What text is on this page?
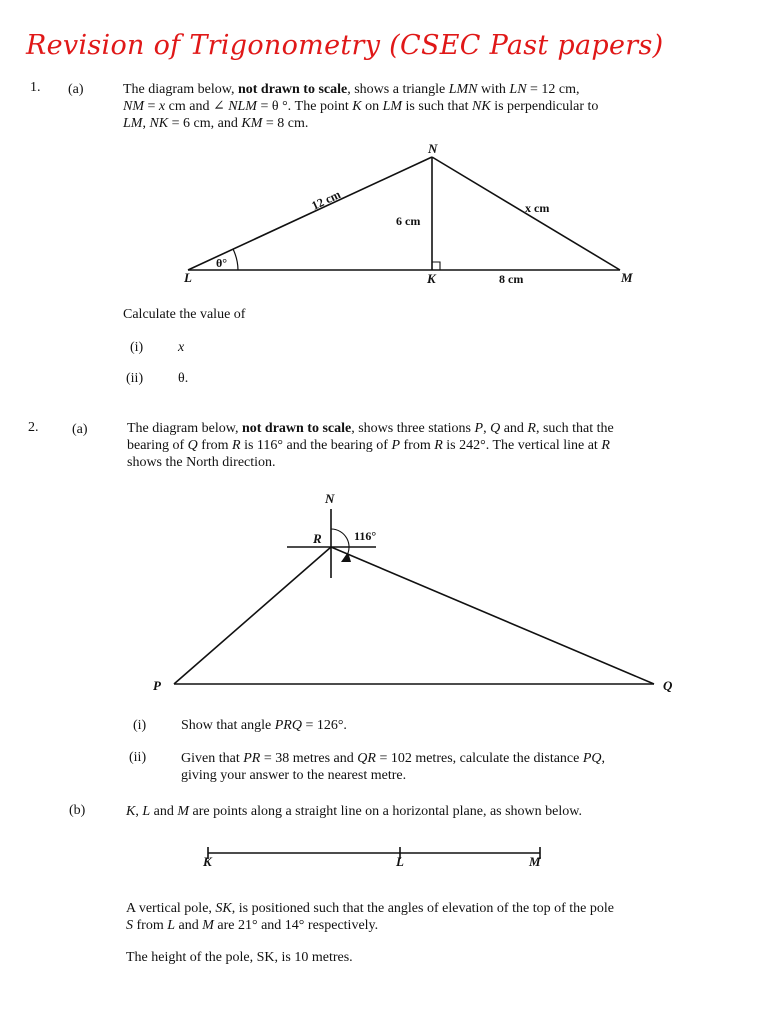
Revision of Trigonometry (CSEC Past papers)
1. (a)	The diagram below, not drawn to scale, shows a triangle LMN with LN = 12 cm,
NM = x cm and ∠ NLM = θ °. The point K on LM is such that NK is perpendicular to
LM, NK = 6 cm, and KM = 8 cm.

N
L	K	M
12 cm
6 cm
x cm
8 cm
θ°
Calculate the value of
(i) x
(ii) θ.
2. (a)	The diagram below, not drawn to scale, shows three stations P, Q and R, such that the
bearing of Q from R is 116° and the bearing of P from R is 242°. The vertical line at R
shows the North direction.

N
R
P	Q
116°
(i) Show that angle PRQ = 126°.
(ii) Given that PR = 38 metres and QR = 102 metres, calculate the distance PQ,
giving your answer to the nearest metre.

(b)	K, L and M are points along a straight line on a horizontal plane, as shown below.

K	L	M

A vertical pole, SK, is positioned such that the angles of elevation of the top of the pole
S from L and M are 21° and 14° respectively.

The height of the pole, SK, is 10 metres.
